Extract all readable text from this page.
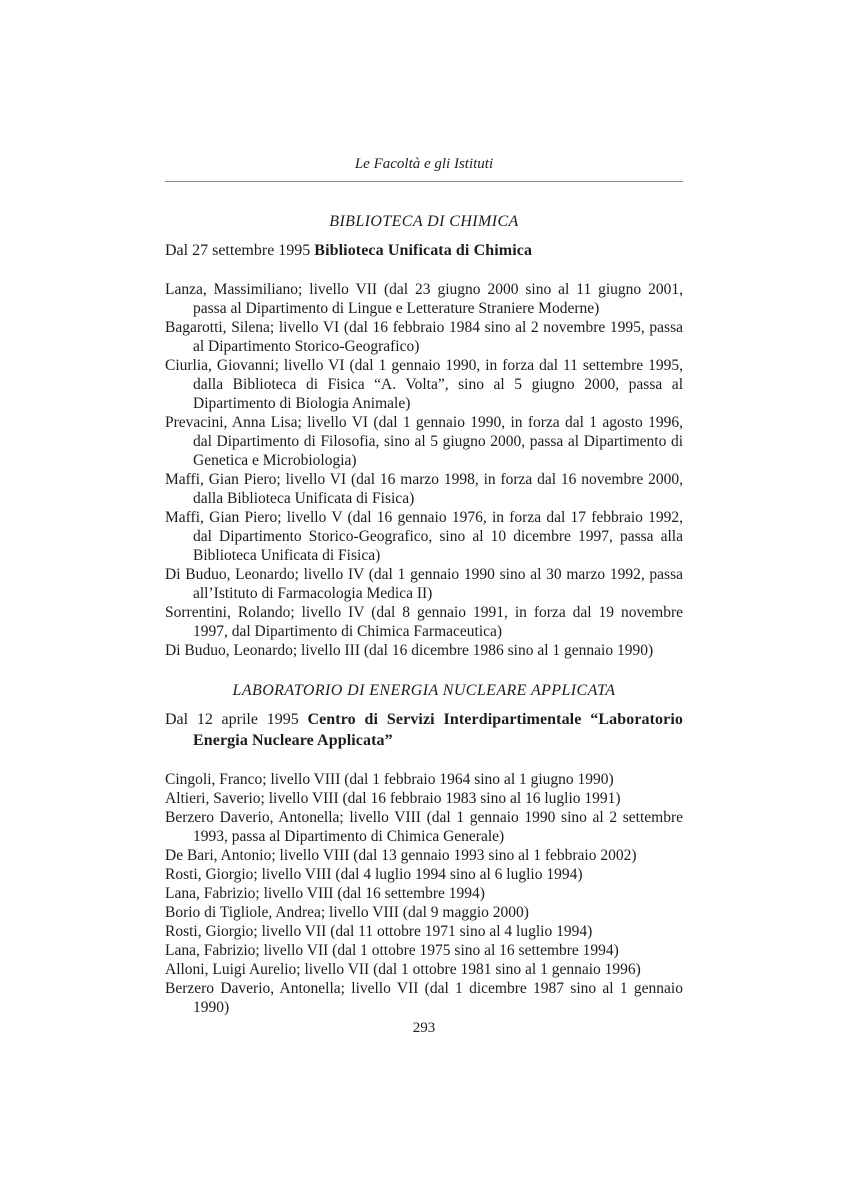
Le Facoltà e gli Istituti
BIBLIOTECA DI CHIMICA

Dal 27 settembre 1995 Biblioteca Unificata di Chimica

Lanza, Massimiliano; livello VII (dal 23 giugno 2000 sino al 11 giugno 2001, passa al Dipartimento di Lingue e Letterature Straniere Moderne)

Bagarotti, Silena; livello VI (dal 16 febbraio 1984 sino al 2 novembre 1995, passa al Dipartimento Storico-Geografico)

Ciurlia, Giovanni; livello VI (dal 1 gennaio 1990, in forza dal 11 settembre 1995, dalla Biblioteca di Fisica “A. Volta”, sino al 5 giugno 2000, passa al Dipartimento di Biologia Animale)

Prevacini, Anna Lisa; livello VI (dal 1 gennaio 1990, in forza dal 1 agosto 1996, dal Dipartimento di Filosofia, sino al 5 giugno 2000, passa al Dipartimento di Genetica e Microbiologia)

Maffi, Gian Piero; livello VI (dal 16 marzo 1998, in forza dal 16 novembre 2000, dalla Biblioteca Unificata di Fisica)

Maffi, Gian Piero; livello V (dal 16 gennaio 1976, in forza dal 17 febbraio 1992, dal Dipartimento Storico-Geografico, sino al 10 dicembre 1997, passa alla Biblioteca Unificata di Fisica)

Di Buduo, Leonardo; livello IV (dal 1 gennaio 1990 sino al 30 marzo 1992, passa all’Istituto di Farmacologia Medica II)

Sorrentini, Rolando; livello IV (dal 8 gennaio 1991, in forza dal 19 novembre 1997, dal Dipartimento di Chimica Farmaceutica)

Di Buduo, Leonardo; livello III (dal 16 dicembre 1986 sino al 1 gennaio 1990)

LABORATORIO DI ENERGIA NUCLEARE APPLICATA

Dal 12 aprile 1995 Centro di Servizi Interdipartimentale “Laboratorio Energia Nucleare Applicata”

Cingoli, Franco; livello VIII (dal 1 febbraio 1964 sino al 1 giugno 1990)

Altieri, Saverio; livello VIII (dal 16 febbraio 1983 sino al 16 luglio 1991)

Berzero Daverio, Antonella; livello VIII (dal 1 gennaio 1990 sino al 2 settembre 1993, passa al Dipartimento di Chimica Generale)

De Bari, Antonio; livello VIII (dal 13 gennaio 1993 sino al 1 febbraio 2002)

Rosti, Giorgio; livello VIII (dal 4 luglio 1994 sino al 6 luglio 1994)

Lana, Fabrizio; livello VIII (dal 16 settembre 1994)

Borio di Tigliole, Andrea; livello VIII (dal 9 maggio 2000)

Rosti, Giorgio; livello VII (dal 11 ottobre 1971 sino al 4 luglio 1994)

Lana, Fabrizio; livello VII (dal 1 ottobre 1975 sino al 16 settembre 1994)

Alloni, Luigi Aurelio; livello VII (dal 1 ottobre 1981 sino al 1 gennaio 1996)

Berzero Daverio, Antonella; livello VII (dal 1 dicembre 1987 sino al 1 gennaio 1990)

293
